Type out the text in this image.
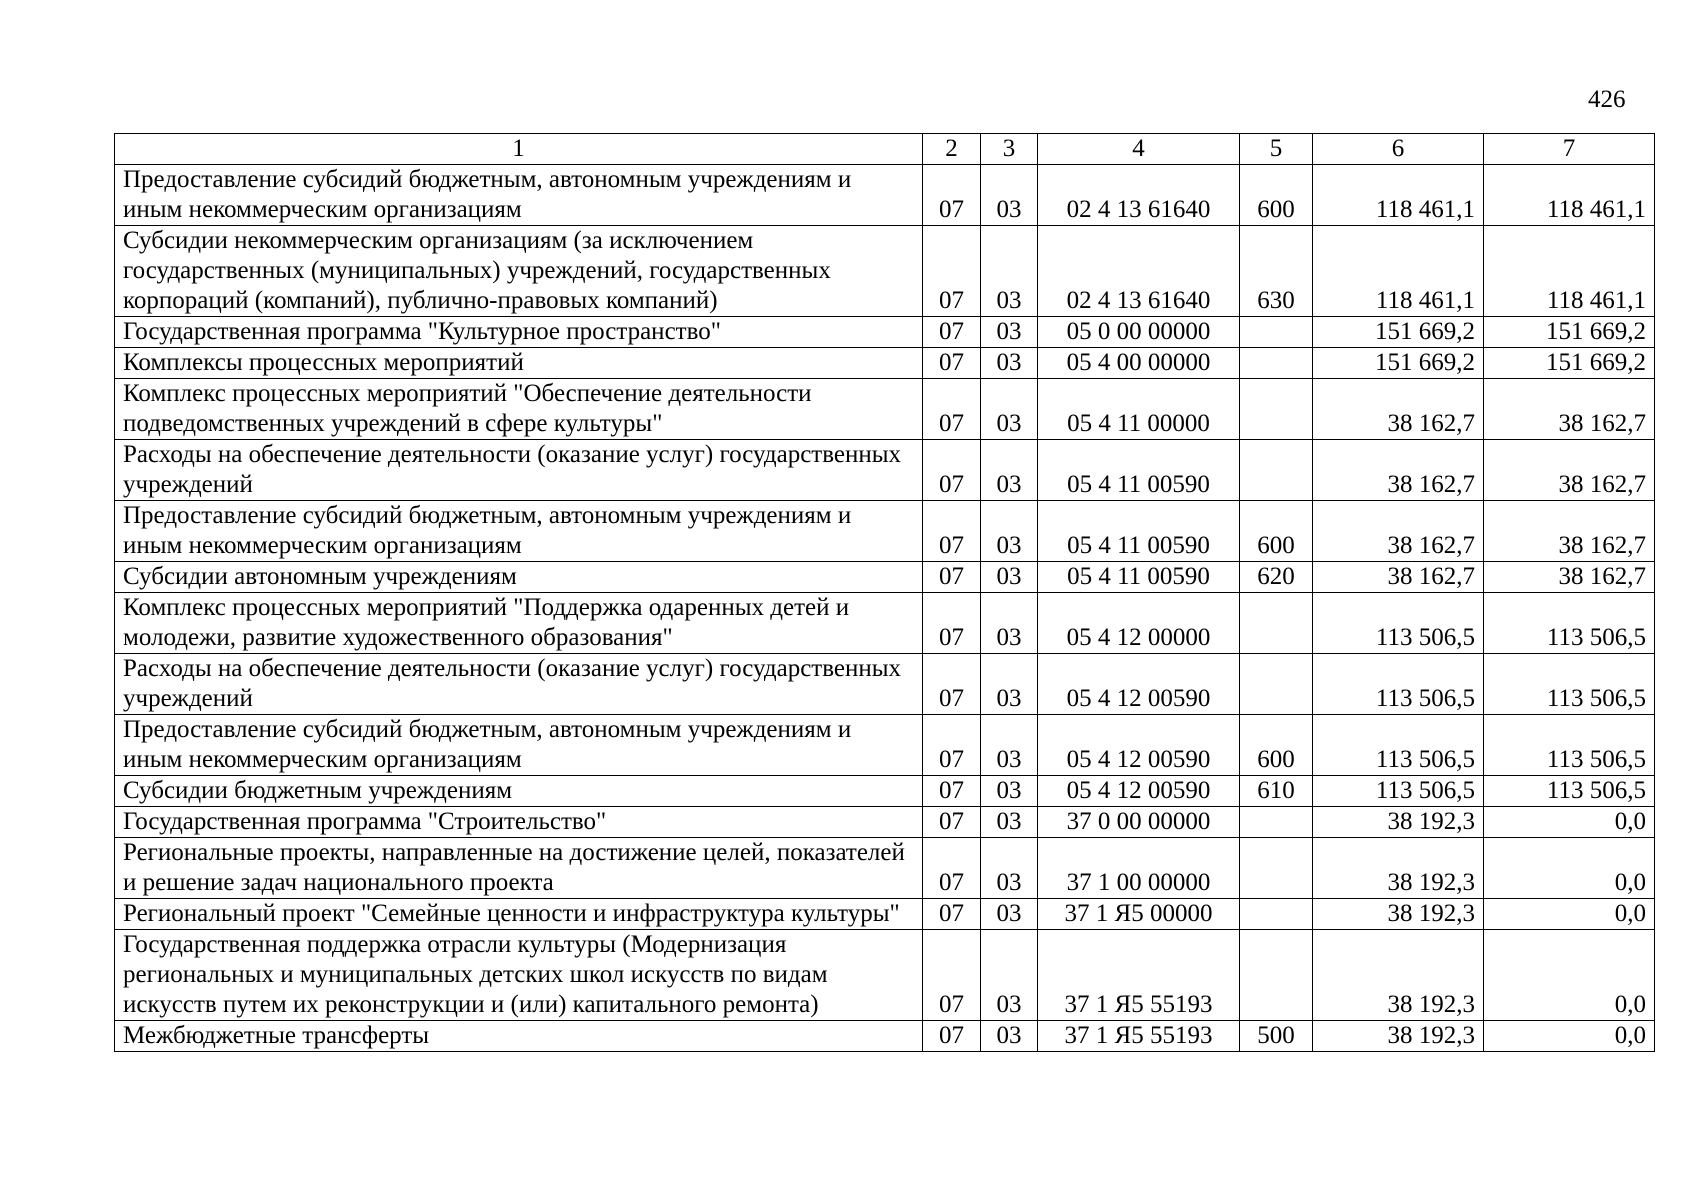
426
1	2	3	4	5	6	7
Предоставление субсидий бюджетным, автономным учреждениям и иным некоммерческим организациям	07	03	02 4 13 61640	600	118 461,1	118 461,1
Субсидии некоммерческим организациям (за исключением государственных (муниципальных) учреждений, государственных корпораций (компаний), публично-правовых компаний)	07	03	02 4 13 61640	630	118 461,1	118 461,1
Государственная программа "Культурное пространство"	07	03	05 0 00 00000		151 669,2	151 669,2
Комплексы процессных мероприятий	07	03	05 4 00 00000		151 669,2	151 669,2
Комплекс процессных мероприятий "Обеспечение деятельности подведомственных учреждений в сфере культуры"	07	03	05 4 11 00000		38 162,7	38 162,7
Расходы на обеспечение деятельности (оказание услуг) государственных учреждений	07	03	05 4 11 00590		38 162,7	38 162,7
Предоставление субсидий бюджетным, автономным учреждениям и иным некоммерческим организациям	07	03	05 4 11 00590	600	38 162,7	38 162,7
Субсидии автономным учреждениям	07	03	05 4 11 00590	620	38 162,7	38 162,7
Комплекс процессных мероприятий "Поддержка одаренных детей и молодежи, развитие художественного образования"	07	03	05 4 12 00000		113 506,5	113 506,5
Расходы на обеспечение деятельности (оказание услуг) государственных учреждений	07	03	05 4 12 00590		113 506,5	113 506,5
Предоставление субсидий бюджетным, автономным учреждениям и иным некоммерческим организациям	07	03	05 4 12 00590	600	113 506,5	113 506,5
Субсидии бюджетным учреждениям	07	03	05 4 12 00590	610	113 506,5	113 506,5
Государственная программа "Строительство"	07	03	37 0 00 00000		38 192,3	0,0
Региональные проекты, направленные на достижение целей, показателей и решение задач национального проекта	07	03	37 1 00 00000		38 192,3	0,0
Региональный проект "Семейные ценности и инфраструктура культуры"	07	03	37 1 Я5 00000		38 192,3	0,0
Государственная поддержка отрасли культуры (Модернизация региональных и муниципальных детских школ искусств по видам искусств путем их реконструкции и (или) капитального ремонта)	07	03	37 1 Я5 55193		38 192,3	0,0
Межбюджетные трансферты	07	03	37 1 Я5 55193	500	38 192,3	0,0
